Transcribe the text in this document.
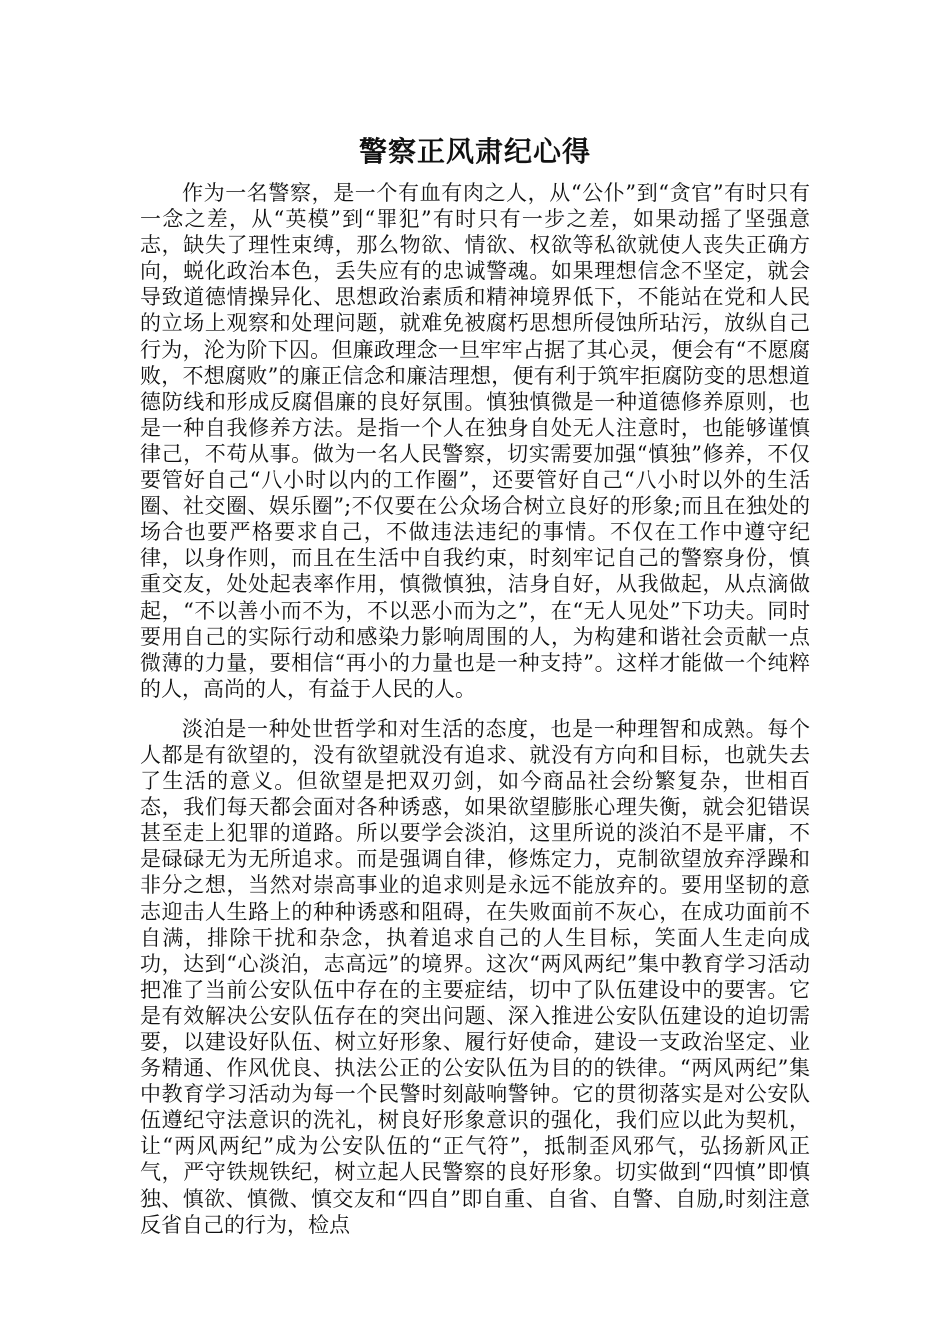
警察正风肃纪心得

作为一名警察，是一个有血有肉之人，从“公仆”到“贪官”有时只有一念之差，从“英模”到“罪犯”有时只有一步之差，如果动摇了坚强意志，缺失了理性束缚，那么物欲、情欲、权欲等私欲就使人丧失正确方向，蜕化政治本色，丢失应有的忠诚警魂。如果理想信念不坚定，就会导致道德情操异化、思想政治素质和精神境界低下，不能站在党和人民的立场上观察和处理问题，就难免被腐朽思想所侵蚀所玷污，放纵自己行为，沦为阶下囚。但廉政理念一旦牢牢占据了其心灵，便会有“不愿腐败，不想腐败”的廉正信念和廉洁理想，便有利于筑牢拒腐防变的思想道德防线和形成反腐倡廉的良好氛围。慎独慎微是一种道德修养原则，也是一种自我修养方法。是指一个人在独身自处无人注意时，也能够谨慎律己，不苟从事。做为一名人民警察，切实需要加强“慎独”修养，不仅要管好自己“八小时以内的工作圈”，还要管好自己“八小时以外的生活圈、社交圈、娱乐圈”;不仅要在公众场合树立良好的形象;而且在独处的场合也要严格要求自己，不做违法违纪的事情。不仅在工作中遵守纪律，以身作则，而且在生活中自我约束，时刻牢记自己的警察身份，慎重交友，处处起表率作用，慎微慎独，洁身自好，从我做起，从点滴做起，“不以善小而不为，不以恶小而为之”，在“无人见处”下功夫。同时要用自己的实际行动和感染力影响周围的人，为构建和谐社会贡献一点微薄的力量，要相信“再小的力量也是一种支持”。这样才能做一个纯粹的人，高尚的人，有益于人民的人。

淡泊是一种处世哲学和对生活的态度，也是一种理智和成熟。每个人都是有欲望的，没有欲望就没有追求、就没有方向和目标，也就失去了生活的意义。但欲望是把双刃剑，如今商品社会纷繁复杂，世相百态，我们每天都会面对各种诱惑，如果欲望膨胀心理失衡，就会犯错误甚至走上犯罪的道路。所以要学会淡泊，这里所说的淡泊不是平庸，不是碌碌无为无所追求。而是强调自律，修炼定力，克制欲望放弃浮躁和非分之想，当然对崇高事业的追求则是永远不能放弃的。要用坚韧的意志迎击人生路上的种种诱惑和阻碍，在失败面前不灰心，在成功面前不自满，排除干扰和杂念，执着追求自己的人生目标，笑面人生走向成功，达到“心淡泊，志高远”的境界。这次“两风两纪”集中教育学习活动把准了当前公安队伍中存在的主要症结，切中了队伍建设中的要害。它是有效解决公安队伍存在的突出问题、深入推进公安队伍建设的迫切需要，以建设好队伍、树立好形象、履行好使命，建设一支政治坚定、业务精通、作风优良、执法公正的公安队伍为目的的铁律。“两风两纪”集中教育学习活动为每一个民警时刻敲响警钟。它的贯彻落实是对公安队伍遵纪守法意识的洗礼，树良好形象意识的强化，我们应以此为契机，让“两风两纪”成为公安队伍的“正气符”，抵制歪风邪气，弘扬新风正气，严守铁规铁纪，树立起人民警察的良好形象。切实做到“四慎”即慎独、慎欲、慎微、慎交友和“四自”即自重、自省、自警、自励,时刻注意反省自己的行为，检点
